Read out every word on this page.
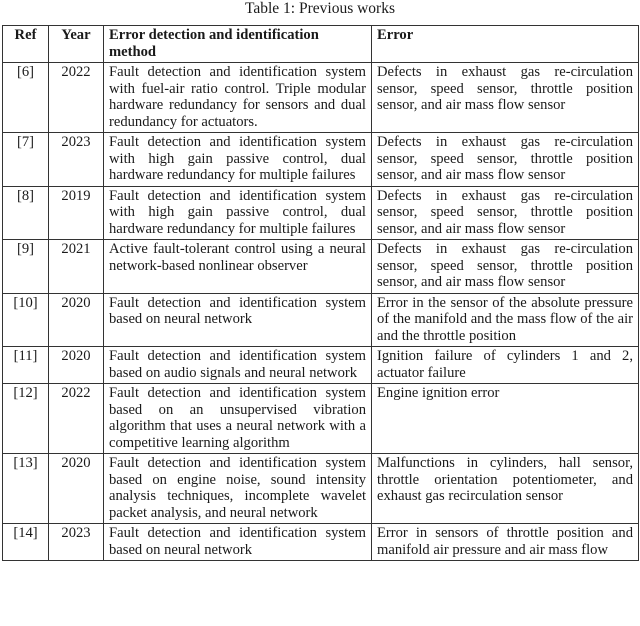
Table 1: Previous works
Ref	Year	Error detection and identification method	Error
[6]	2022	Fault detection and identification system with fuel-air ratio control. Triple modular hardware redundancy for sensors and dual redundancy for actuators.	Defects in exhaust gas re-circulation sensor, speed sensor, throttle position sensor, and air mass flow sensor
[7]	2023	Fault detection and identification system with high gain passive control, dual hardware redundancy for multiple failures	Defects in exhaust gas re-circulation sensor, speed sensor, throttle position sensor, and air mass flow sensor
[8]	2019	Fault detection and identification system with high gain passive control, dual hardware redundancy for multiple failures	Defects in exhaust gas re-circulation sensor, speed sensor, throttle position sensor, and air mass flow sensor
[9]	2021	Active fault-tolerant control using a neural network-based nonlinear observer	Defects in exhaust gas re-circulation sensor, speed sensor, throttle position sensor, and air mass flow sensor
[10]	2020	Fault detection and identification system based on neural network	Error in the sensor of the absolute pressure of the manifold and the mass flow of the air and the throttle position
[11]	2020	Fault detection and identification system based on audio signals and neural network	Ignition failure of cylinders 1 and 2, actuator failure
[12]	2022	Fault detection and identification system based on an unsupervised vibration algorithm that uses a neural network with a competitive learning algorithm	Engine ignition error
[13]	2020	Fault detection and identification system based on engine noise, sound intensity analysis techniques, incomplete wavelet packet analysis, and neural network	Malfunctions in cylinders, hall sensor, throttle orientation potentiometer, and exhaust gas recirculation sensor
[14]	2023	Fault detection and identification system based on neural network	Error in sensors of throttle position and manifold air pressure and air mass flow
